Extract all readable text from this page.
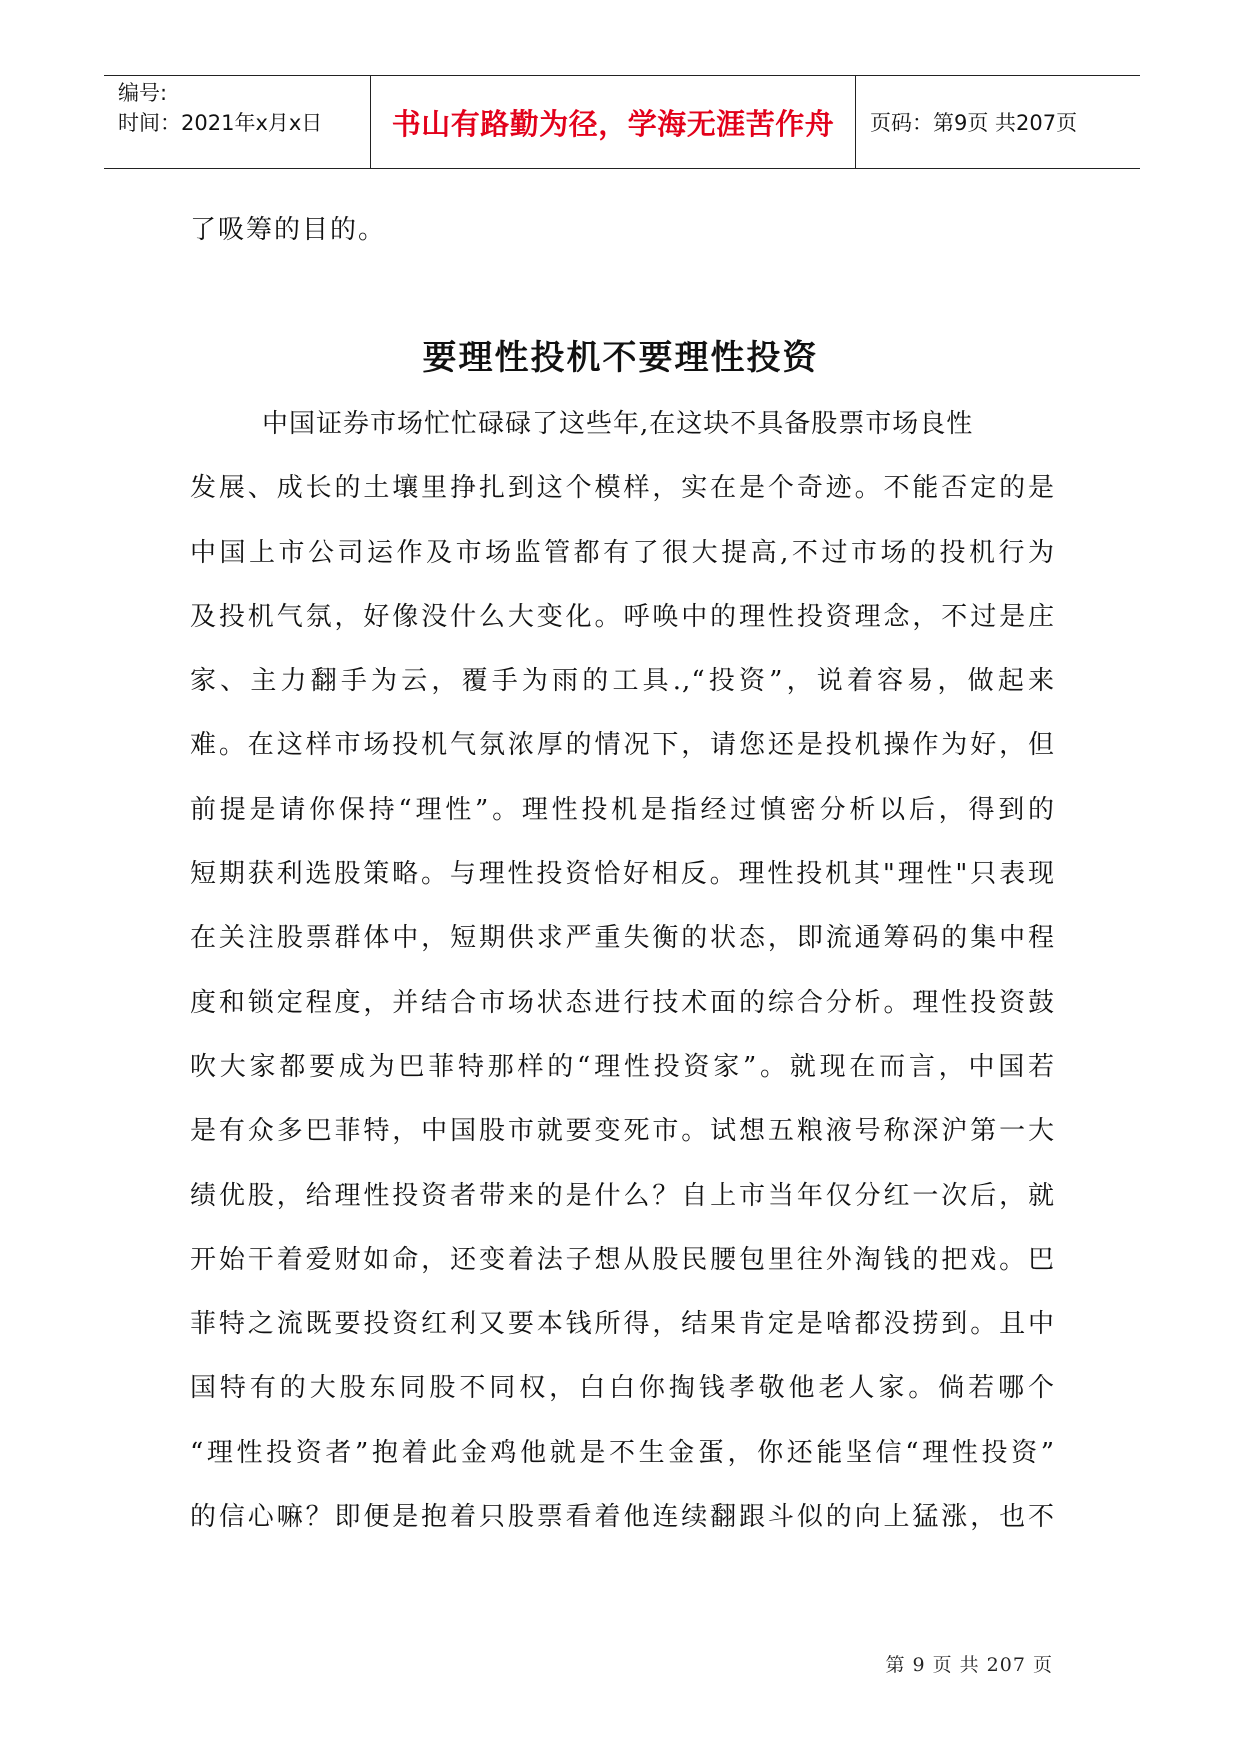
编号:
时间：2021年x月x日	书山有路勤为径，学海无涯苦作舟	页码：第9页 共207页
了吸筹的目的。
要理性投机不要理性投资
中国证券市场忙忙碌碌了这些年,在这块不具备股票市场良性
发展、成长的土壤里挣扎到这个模样，实在是个奇迹。不能否定的是
中国上市公司运作及市场监管都有了很大提高,不过市场的投机行为
及投机气氛，好像没什么大变化。呼唤中的理性投资理念，不过是庄
家、主力翻手为云，覆手为雨的工具.,“投资”，说着容易，做起来
难。在这样市场投机气氛浓厚的情况下，请您还是投机操作为好，但
前提是请你保持“理性”。理性投机是指经过慎密分析以后，得到的
短期获利选股策略。与理性投资恰好相反。理性投机其"理性"只表现
在关注股票群体中，短期供求严重失衡的状态，即流通筹码的集中程
度和锁定程度，并结合市场状态进行技术面的综合分析。理性投资鼓
吹大家都要成为巴菲特那样的“理性投资家”。就现在而言，中国若
是有众多巴菲特，中国股市就要变死市。试想五粮液号称深沪第一大
绩优股，给理性投资者带来的是什么？自上市当年仅分红一次后，就
开始干着爱财如命，还变着法子想从股民腰包里往外淘钱的把戏。巴
菲特之流既要投资红利又要本钱所得，结果肯定是啥都没捞到。且中
国特有的大股东同股不同权，白白你掏钱孝敬他老人家。倘若哪个
“理性投资者”抱着此金鸡他就是不生金蛋，你还能坚信“理性投资”
的信心嘛？即便是抱着只股票看着他连续翻跟斗似的向上猛涨，也不
第 9 页 共 207 页
